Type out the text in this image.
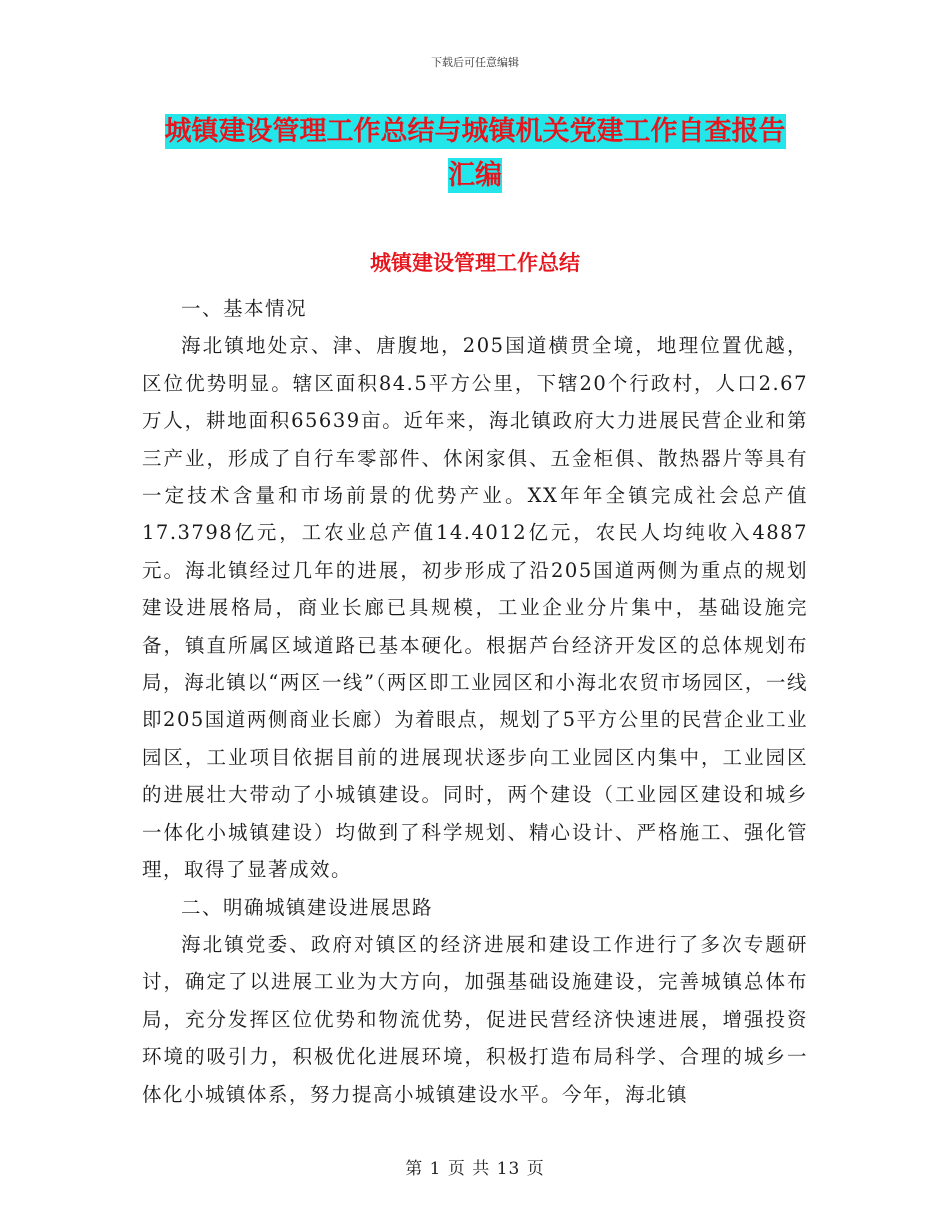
下载后可任意编辑
城镇建设管理工作总结与城镇机关党建工作自查报告
汇编
城镇建设管理工作总结

一、基本情况

海北镇地处京、津、唐腹地，205国道横贯全境，地理位置优越，区位优势明显。辖区面积84.5平方公里，下辖20个行政村，人口2.67万人，耕地面积65639亩。近年来，海北镇政府大力进展民营企业和第三产业，形成了自行车零部件、休闲家俱、五金柜俱、散热器片等具有一定技术含量和市场前景的优势产业。XX年年全镇完成社会总产值17.3798亿元，工农业总产值14.4012亿元，农民人均纯收入4887元。海北镇经过几年的进展，初步形成了沿205国道两侧为重点的规划建设进展格局，商业长廊已具规模，工业企业分片集中，基础设施完备，镇直所属区域道路已基本硬化。根据芦台经济开发区的总体规划布局，海北镇以“两区一线”（两区即工业园区和小海北农贸市场园区，一线即205国道两侧商业长廊）为着眼点，规划了5平方公里的民营企业工业园区，工业项目依据目前的进展现状逐步向工业园区内集中，工业园区的进展壮大带动了小城镇建设。同时，两个建设（工业园区建设和城乡一体化小城镇建设）均做到了科学规划、精心设计、严格施工、强化管理，取得了显著成效。

二、明确城镇建设进展思路

海北镇党委、政府对镇区的经济进展和建设工作进行了多次专题研讨，确定了以进展工业为大方向，加强基础设施建设，完善城镇总体布局，充分发挥区位优势和物流优势，促进民营经济快速进展，增强投资环境的吸引力，积极优化进展环境，积极打造布局科学、合理的城乡一体化小城镇体系，努力提高小城镇建设水平。今年，海北镇

第 1 页 共 13 页
